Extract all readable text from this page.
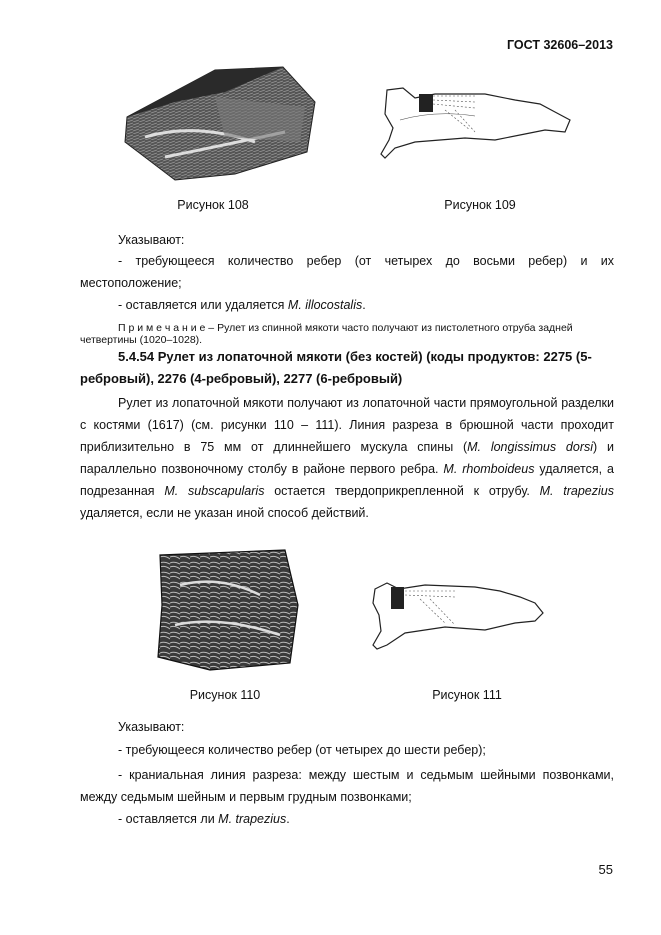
ГОСТ 32606–2013
Рисунок 108	Рисунок 109
Указывают:
- требующееся количество ребер (от четырех до восьми ребер) и их местоположение;
- оставляется или удаляется M. illocostalis.
П р и м е ч а н и е – Рулет из спинной мякоти часто получают из пистолетного отруба задней четвертины (1020–1028).
5.4.54 Рулет из лопаточной мякоти (без костей) (коды продуктов: 2275 (5-ребровый), 2276 (4-ребровый), 2277 (6-ребровый)
Рулет из лопаточной мякоти получают из лопаточной части прямоугольной разделки с костями (1617) (см. рисунки 110 – 111). Линия разреза в брюшной части проходит приблизительно в 75 мм от длиннейшего мускула спины (M. longissimus dorsi) и параллельно позвоночному столбу в районе первого ребра. M. rhomboideus удаляется, а подрезанная M. subscapularis остается твердоприкрепленной к отрубу. M. trapezius удаляется, если не указан иной способ действий.
Рисунок 110	Рисунок 111
Указывают:
- требующееся количество ребер (от четырех до шести ребер);
- краниальная линия разреза: между шестым и седьмым шейными позвонками, между седьмым шейным и первым грудным позвонками;
- оставляется ли M. trapezius.
55
